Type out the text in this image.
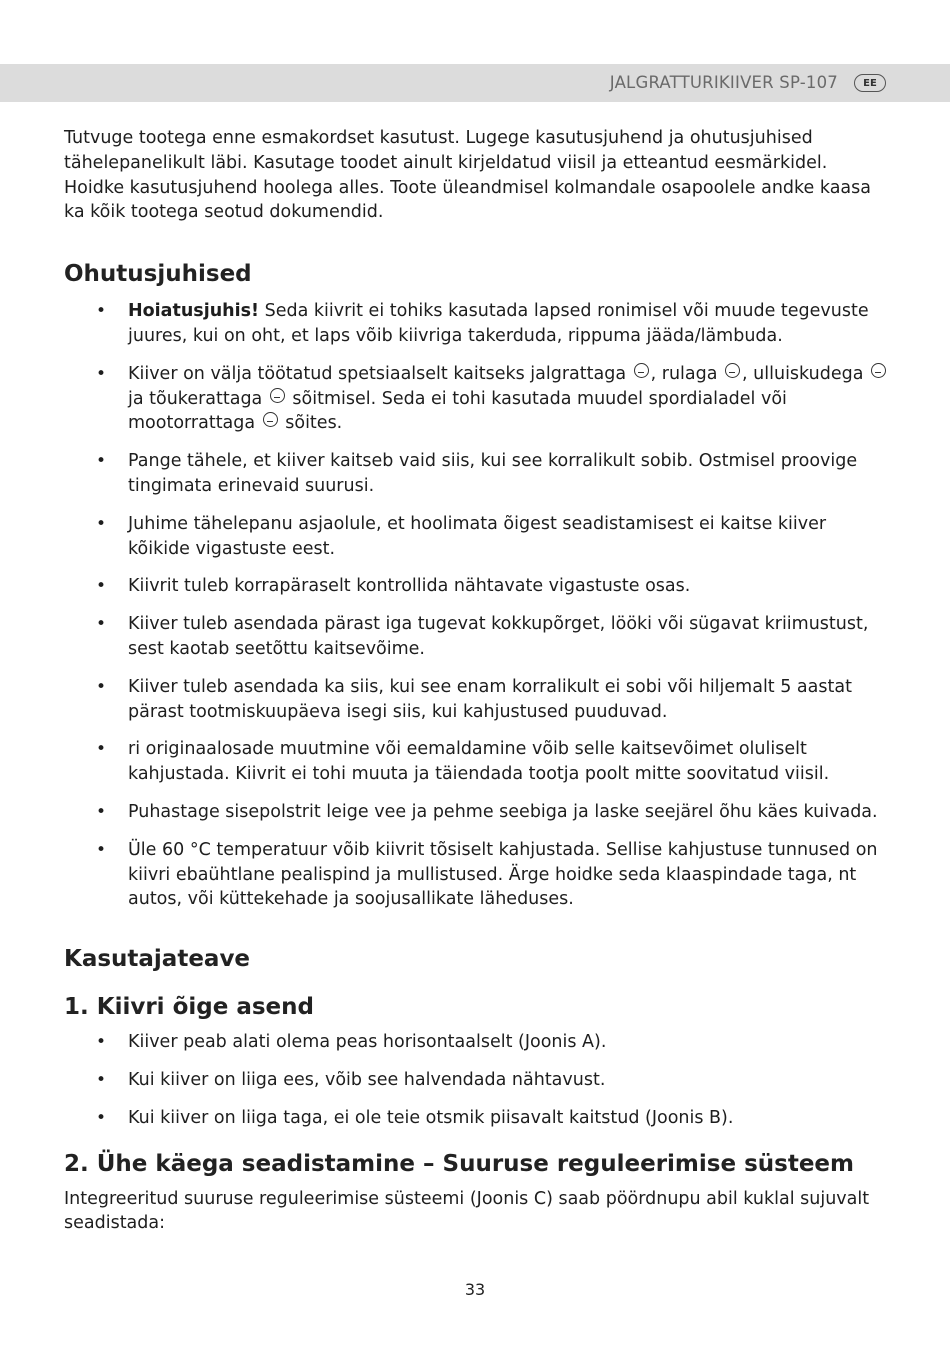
JALGRATTURIKIIVER SP-107	EE

Tutvuge tootega enne esmakordset kasutust. Lugege kasutusjuhend ja ohutusjuhised tähelepanelikult läbi. Kasutage toodet ainult kirjeldatud viisil ja etteantud eesmärkidel. Hoidke kasutusjuhend hoolega alles. Toote üleandmisel kolmandale osapoolele andke kaasa ka kõik tootega seotud dokumendid.

Ohutusjuhised
• Hoiatusjuhis! Seda kiivrit ei tohiks kasutada lapsed ronimisel või muude tegevuste juures, kui on oht, et laps võib kiivriga takerduda, rippuma jääda/lämbuda.
• Kiiver on välja töötatud spetsiaalselt kaitseks jalgrattaga , rulaga , ulluiskudega  ja tõukerattaga  sõitmisel. Seda ei tohi kasutada muudel spordialadel või mootorrattaga  sõites.
• Pange tähele, et kiiver kaitseb vaid siis, kui see korralikult sobib. Ostmisel proovige tingimata erinevaid suurusi.
• Juhime tähelepanu asjaolule, et hoolimata õigest seadistamisest ei kaitse kiiver kõikide vigastuste eest.
• Kiivrit tuleb korrapäraselt kontrollida nähtavate vigastuste osas.
• Kiiver tuleb asendada pärast iga tugevat kokkupõrget, lööki või sügavat kriimustust, sest kaotab seetõttu kaitsevõime.
• Kiiver tuleb asendada ka siis, kui see enam korralikult ei sobi või hiljemalt 5 aastat pärast tootmiskuupäeva isegi siis, kui kahjustused puuduvad.
• ri originaalosade muutmine või eemaldamine võib selle kaitsevõimet oluliselt kahjustada. Kiivrit ei tohi muuta ja täiendada tootja poolt mitte soovitatud viisil.
• Puhastage sisepolstrit leige vee ja pehme seebiga ja laske seejärel õhu käes kuivada.
• Üle 60 °C temperatuur võib kiivrit tõsiselt kahjustada. Sellise kahjustuse tunnused on kiivri ebaühtlane pealispind ja mullistused. Ärge hoidke seda klaaspindade taga, nt autos, või küttekehade ja soojusallikate läheduses.
Kasutajateave
1. Kiivri õige asend
• Kiiver peab alati olema peas horisontaalselt (Joonis A).
• Kui kiiver on liiga ees, võib see halvendada nähtavust.
• Kui kiiver on liiga taga, ei ole teie otsmik piisavalt kaitstud (Joonis B).
2. Ühe käega seadistamine – Suuruse reguleerimise süsteem

Integreeritud suuruse reguleerimise süsteemi (Joonis C) saab pöördnupu abil kuklal sujuvalt seadistada:

33
